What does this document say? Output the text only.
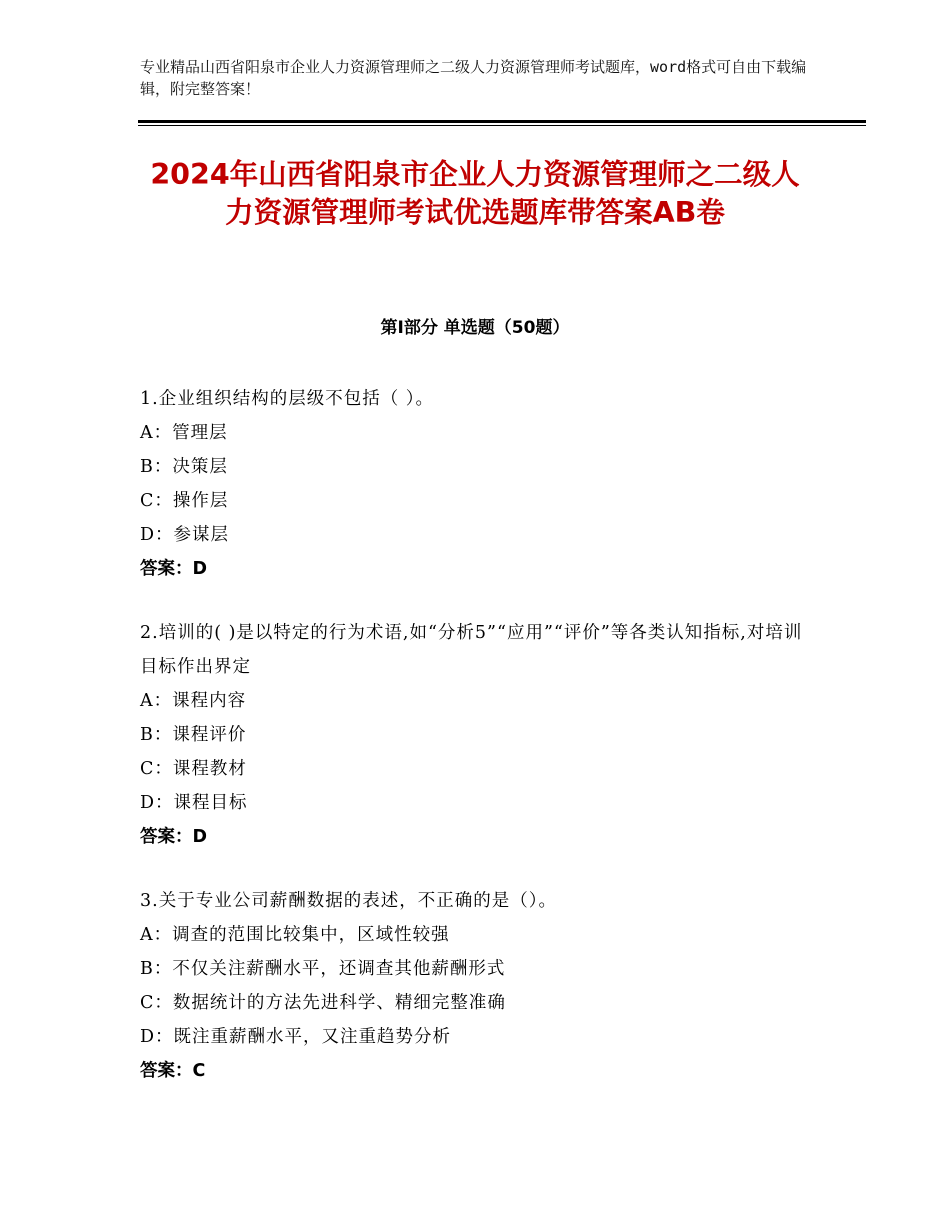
专业精品山西省阳泉市企业人力资源管理师之二级人力资源管理师考试题库，word格式可自由下载编辑，附完整答案！
2024年山西省阳泉市企业人力资源管理师之二级人力资源管理师考试优选题库带答案AB卷
第Ⅰ部分 单选题（50题）
1.企业组织结构的层级不包括（ ）。
A：管理层
B：决策层
C：操作层
D：参谋层
答案：D
2.培训的( )是以特定的行为术语,如“分析5”“应用”“评价”等各类认知指标,对培训目标作出界定
A：课程内容
B：课程评价
C：课程教材
D：课程目标
答案：D
3.关于专业公司薪酬数据的表述，不正确的是（）。
A：调查的范围比较集中，区域性较强
B：不仅关注薪酬水平，还调查其他薪酬形式
C：数据统计的方法先进科学、精细完整准确
D：既注重薪酬水平，又注重趋势分析
答案：C
